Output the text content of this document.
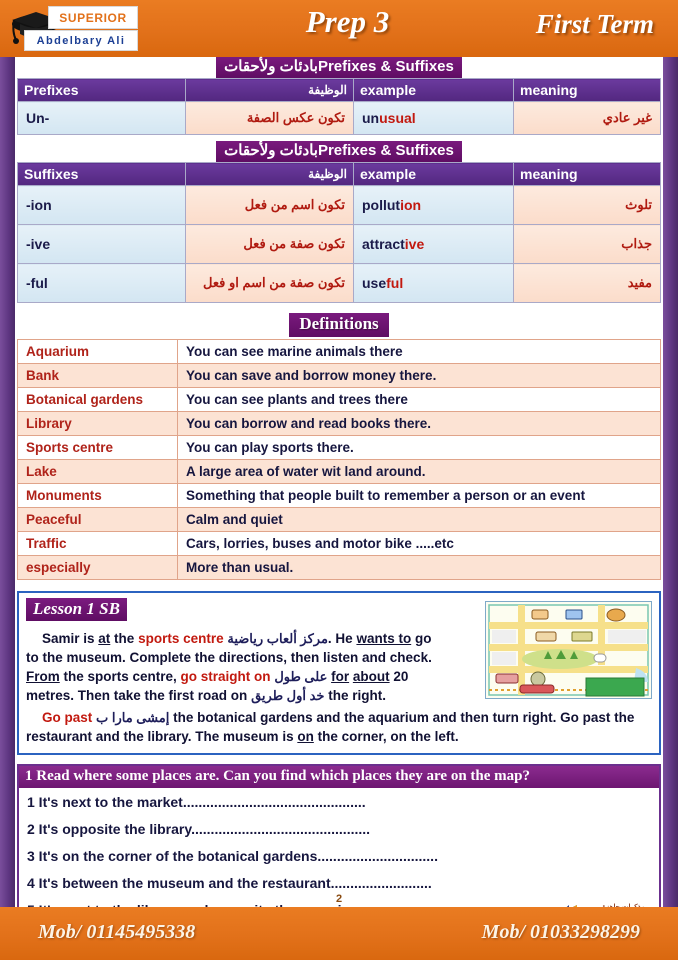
SUPERIOR
Abdelbary Ali
Prep 3	First Term
Prefixes & Suffixesبادئات ولأحقات
Prefixes	الوظيفة	example	meaning
Un-	تكون عكس الصفة	unusual	غير عادي
Prefixes & Suffixesبادئات ولأحقات
Suffixes	الوظيفة	example	meaning
-ion	تكون اسم من فعل	pollution	تلوث
-ive	تكون صفة من فعل	attractive	جذاب
-ful	تكون صفة من اسم او فعل	useful	مفيد
Definitions
Aquarium	You can see marine animals there
Bank	You can save and borrow money there.
Botanical gardens	You can see plants and trees there
Library	You can borrow and read books there.
Sports centre	You can play sports there.
Lake	A large area of water wit land around.
Monuments	Something that people built to remember a person or an event
Peaceful	Calm and quiet
Traffic	Cars, lorries, buses and motor bike .....etc
especially	More than usual.
Lesson 1 SB
Samir is at the sports centre مركز ألعاب رياضية. He wants to go to the museum. Complete the directions, then listen and check. From the sports centre, go straight on على طول for about 20 metres. Then take the first road on خد أول طريق the right.
Go past إمشى مارا ب the botanical gardens and the aquarium and then turn right. Go past the restaurant and the library. The museum is on the corner, on the left.
1 Read where some places are. Can you find which places they are on the map?

1 It's next to the market...............................................

2 It's opposite the library..............................................

3 It's on the corner of the botanical gardens...............................

4 It's between the museum and the restaurant..........................

2
Mob/ 01145495338	Mob/ 01033298299
